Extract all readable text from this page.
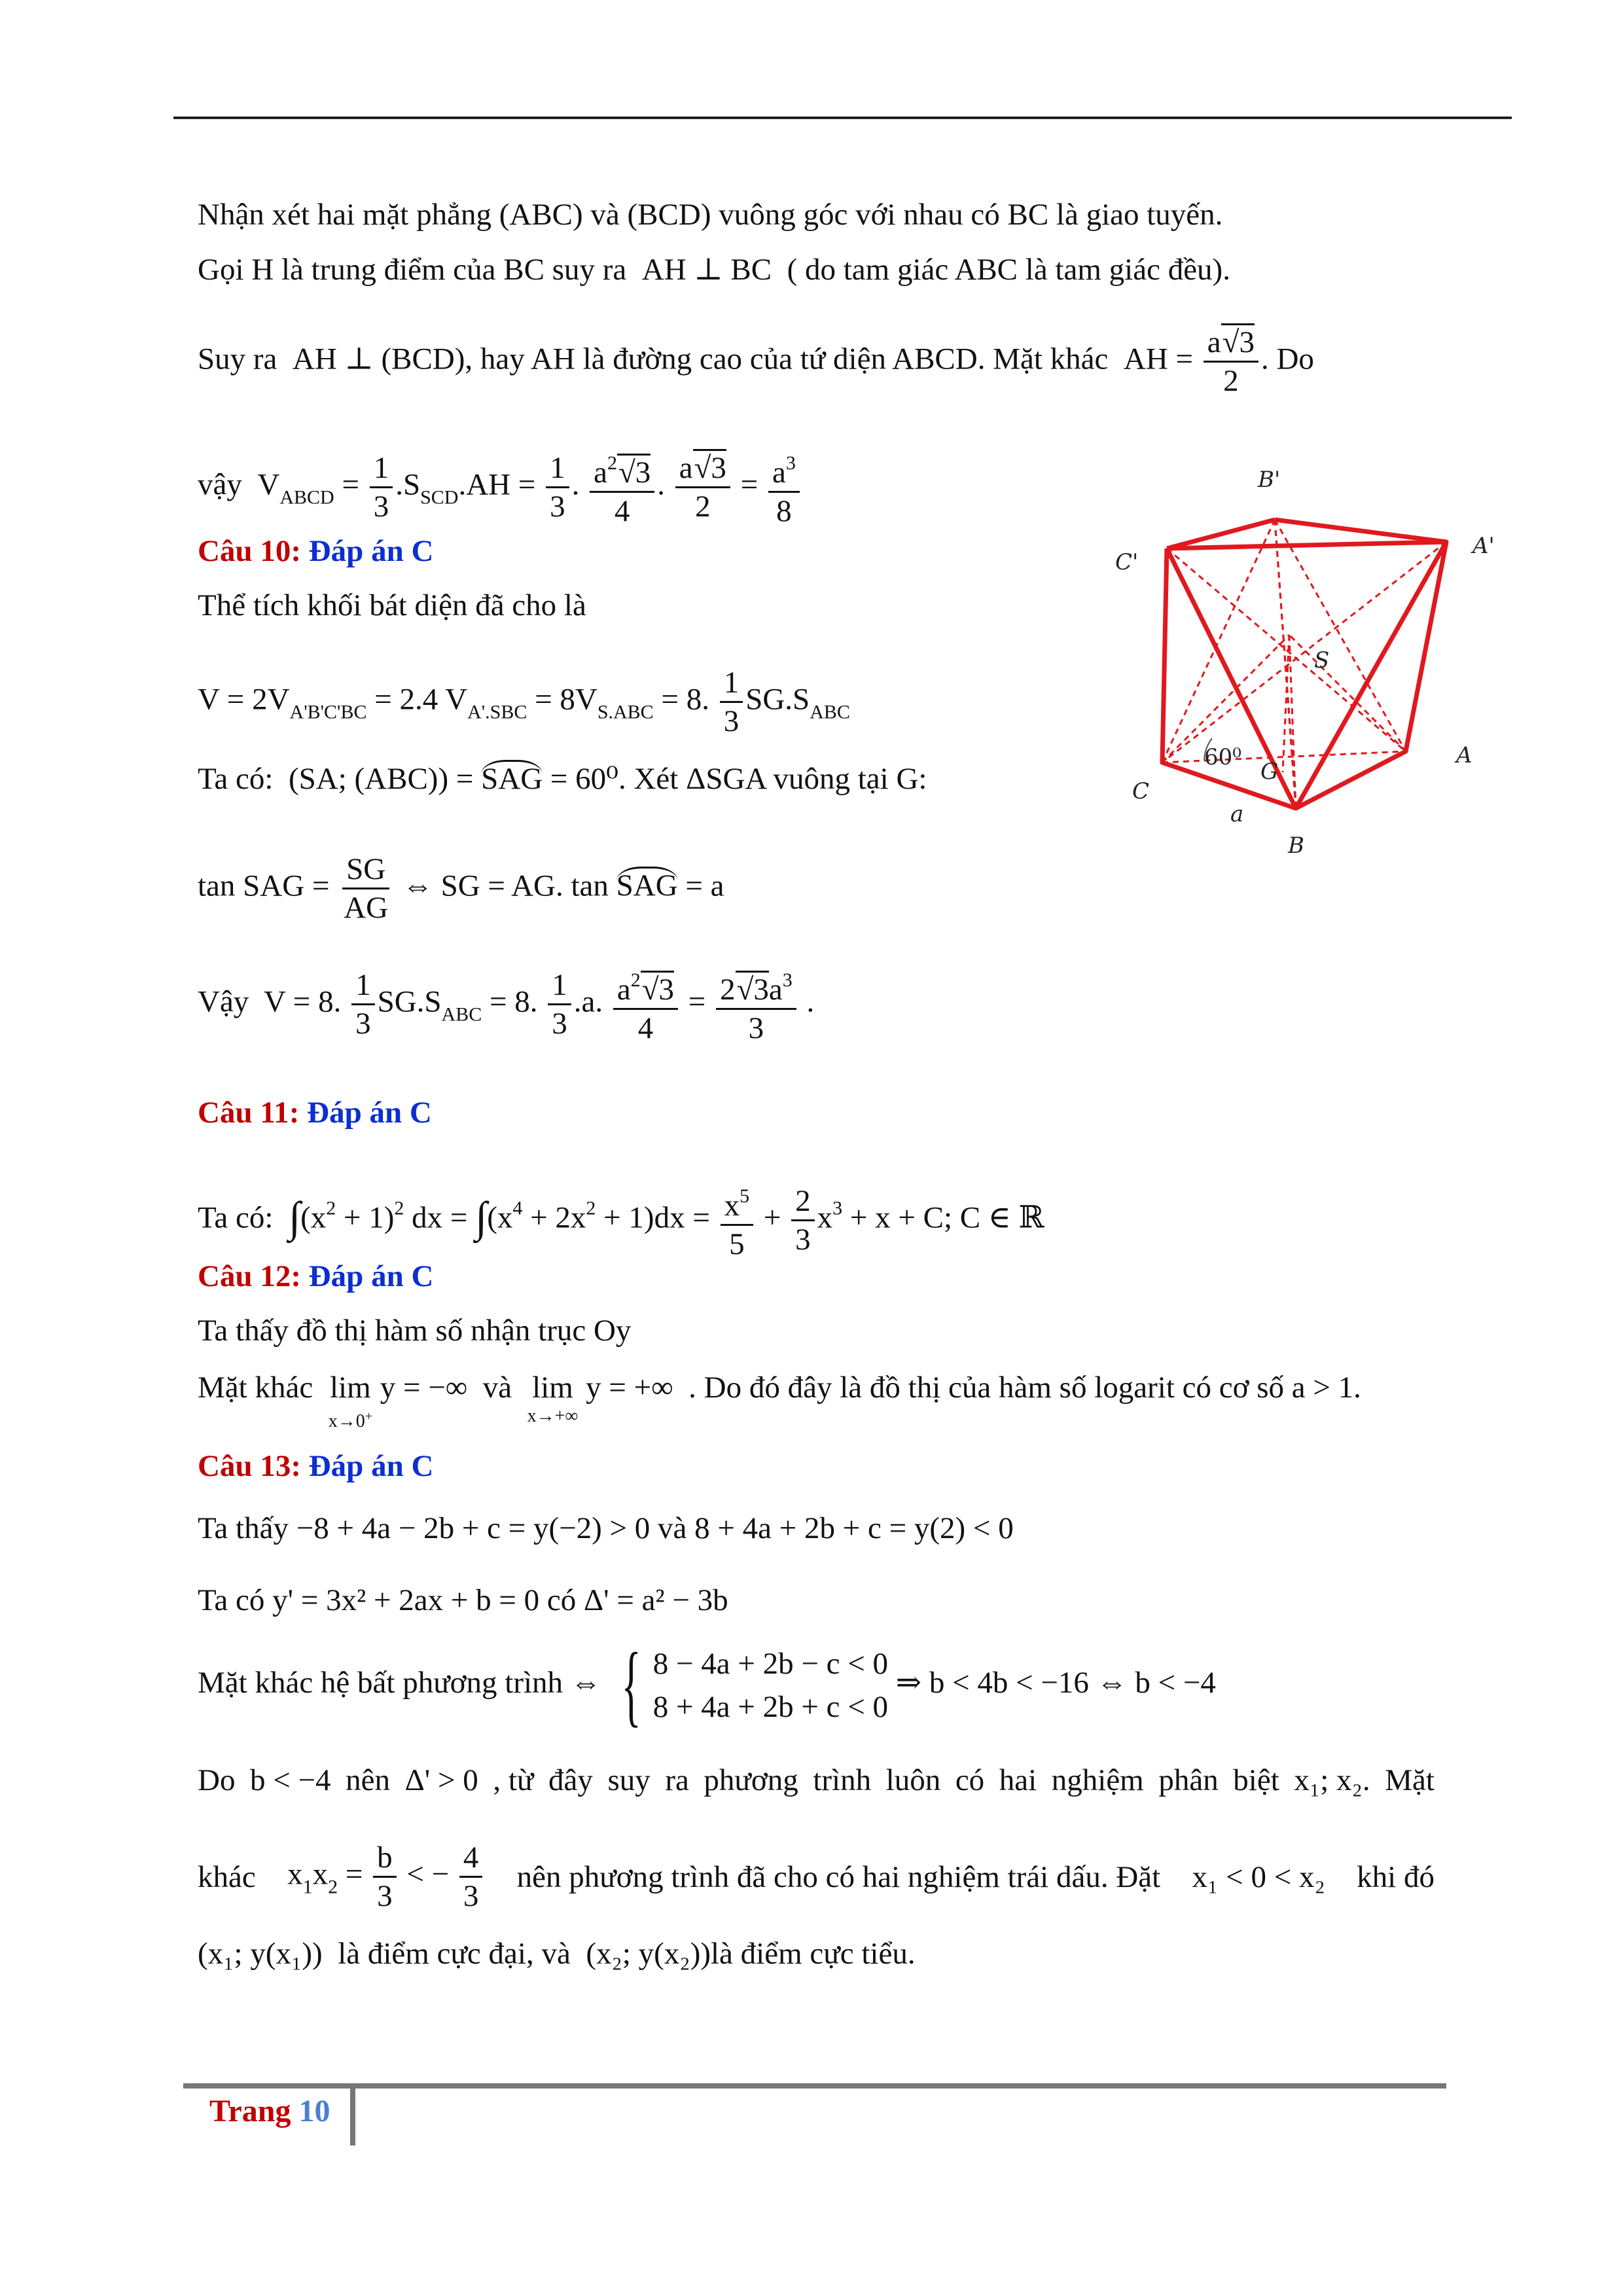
Nhận xét hai mặt phẳng (ABC) và (BCD) vuông góc với nhau có BC là giao tuyến.
Gọi H là trung điểm của BC suy ra AH ⊥ BC ( do tam giác ABC là tam giác đều).
Suy ra AH ⊥ (BCD), hay AH là đường cao của tứ diện ABCD. Mặt khác AH = $\frac{a√3}{2}$ . Do
vậy  $V_{ABCD} = \frac{1}{3} .S_{SCD}.AH = \frac{1}{3}$ . $\frac{a^2√3}{4}$ . $\frac{a√3}{2} = \frac{a^3}{8}$
Câu 10: Đáp án C
Thể tích khối bát diện đã cho là
$V = 2V_{A'B'C'BC} = 2.4$ $V_{A'.SBC} = 8V_{S.ABC} = 8$. $\frac{1}{3} SG.S_{ABC}$
Ta có: (SA; (ABC)) = SAG = 60⁰. Xét ΔSGA vuông tại G:
tan SAG = $\frac{SG}{AG}$ ⇔ SG = AG. tan SAG = a
Vậy  V = 8. $\frac{1}{3} SG.S_{ABC} = 8$. $\frac{1}{3} .a$. $\frac{a^2√3}{4} = \frac{2√3a^3}{3}$ .
Câu 11: Đáp án C
Ta có: $\int(x^2 + 1)^2$ dx = $\int(x^4 + 2x^2 + 1)dx = \frac{x^5}{5} + \frac{2}{3} x^3 + x + C$; C ∈ ℝ
Câu 12: Đáp án C
Ta thấy đồ thị hàm số nhận trục Oy
Mặt khác lim
x→0+
y = −∞  và lim
x→+∞
y = +∞  . Do đó đây là đồ thị của hàm số logarit có cơ số a > 1.
Câu 13: Đáp án C
Ta thấy −8 + 4a − 2b + c = y(−2) > 0 và 8 + 4a + 2b + c = y(2) < 0
Ta có y' = 3x² + 2ax + b = 0 có Δ' = a² − 3b
Mặt khác hệ bất phương trình ⇔ { 8 − 4a + 2b − c < 0
8 + 4a + 2b + c < 0
⇒ b < 4b < −16 ⇔ b < −4
Do b < −4 nên Δ' > 0 , từ đây suy ra phương trình luôn có hai nghiệm phân biệt x₁; x₂. Mặt
khác $x_1x_2 = \frac{b}{3}$ < − $\frac{4}{3}$ nên phương trình đã cho có hai nghiệm trái dấu. Đặt x₁ < 0 < x₂ khi đó
(x₁; y(x₁)) là điểm cực đại, và (x₂; y(x₂))là điểm cực tiểu.
B'
A'
C'
S
60⁰
G
C
A
B
a
Trang 10
